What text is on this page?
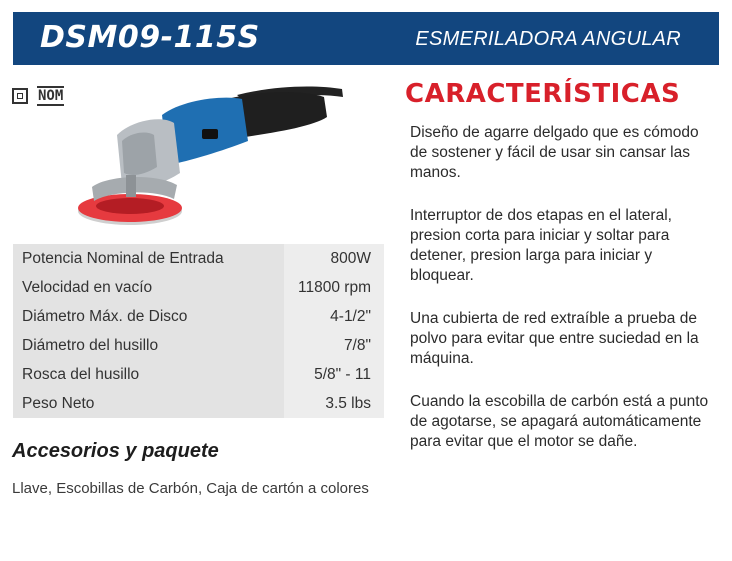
DSM09-115S	ESMERILADORA ANGULAR
NOM
Potencia Nominal de Entrada	800W
Velocidad en vacío	11800 rpm
Diámetro Máx. de Disco	4-1/2"
Diámetro del husillo	7/8"
Rosca del husillo	5/8" - 11
Peso Neto	3.5 lbs
Accesorios y paquete
Llave, Escobillas de Carbón, Caja de cartón a colores
CARACTERÍSTICAS

Diseño de agarre delgado que es cómodo de sostener y fácil de usar sin cansar las manos.

Interruptor de dos etapas en el lateral, presion corta para iniciar y soltar para detener, presion larga para iniciar y bloquear.

Una cubierta de red extraíble a prueba de polvo para evitar que entre suciedad en la máquina.

Cuando la escobilla de carbón está a punto de agotarse, se apagará automáticamente para evitar que el motor se dañe.
